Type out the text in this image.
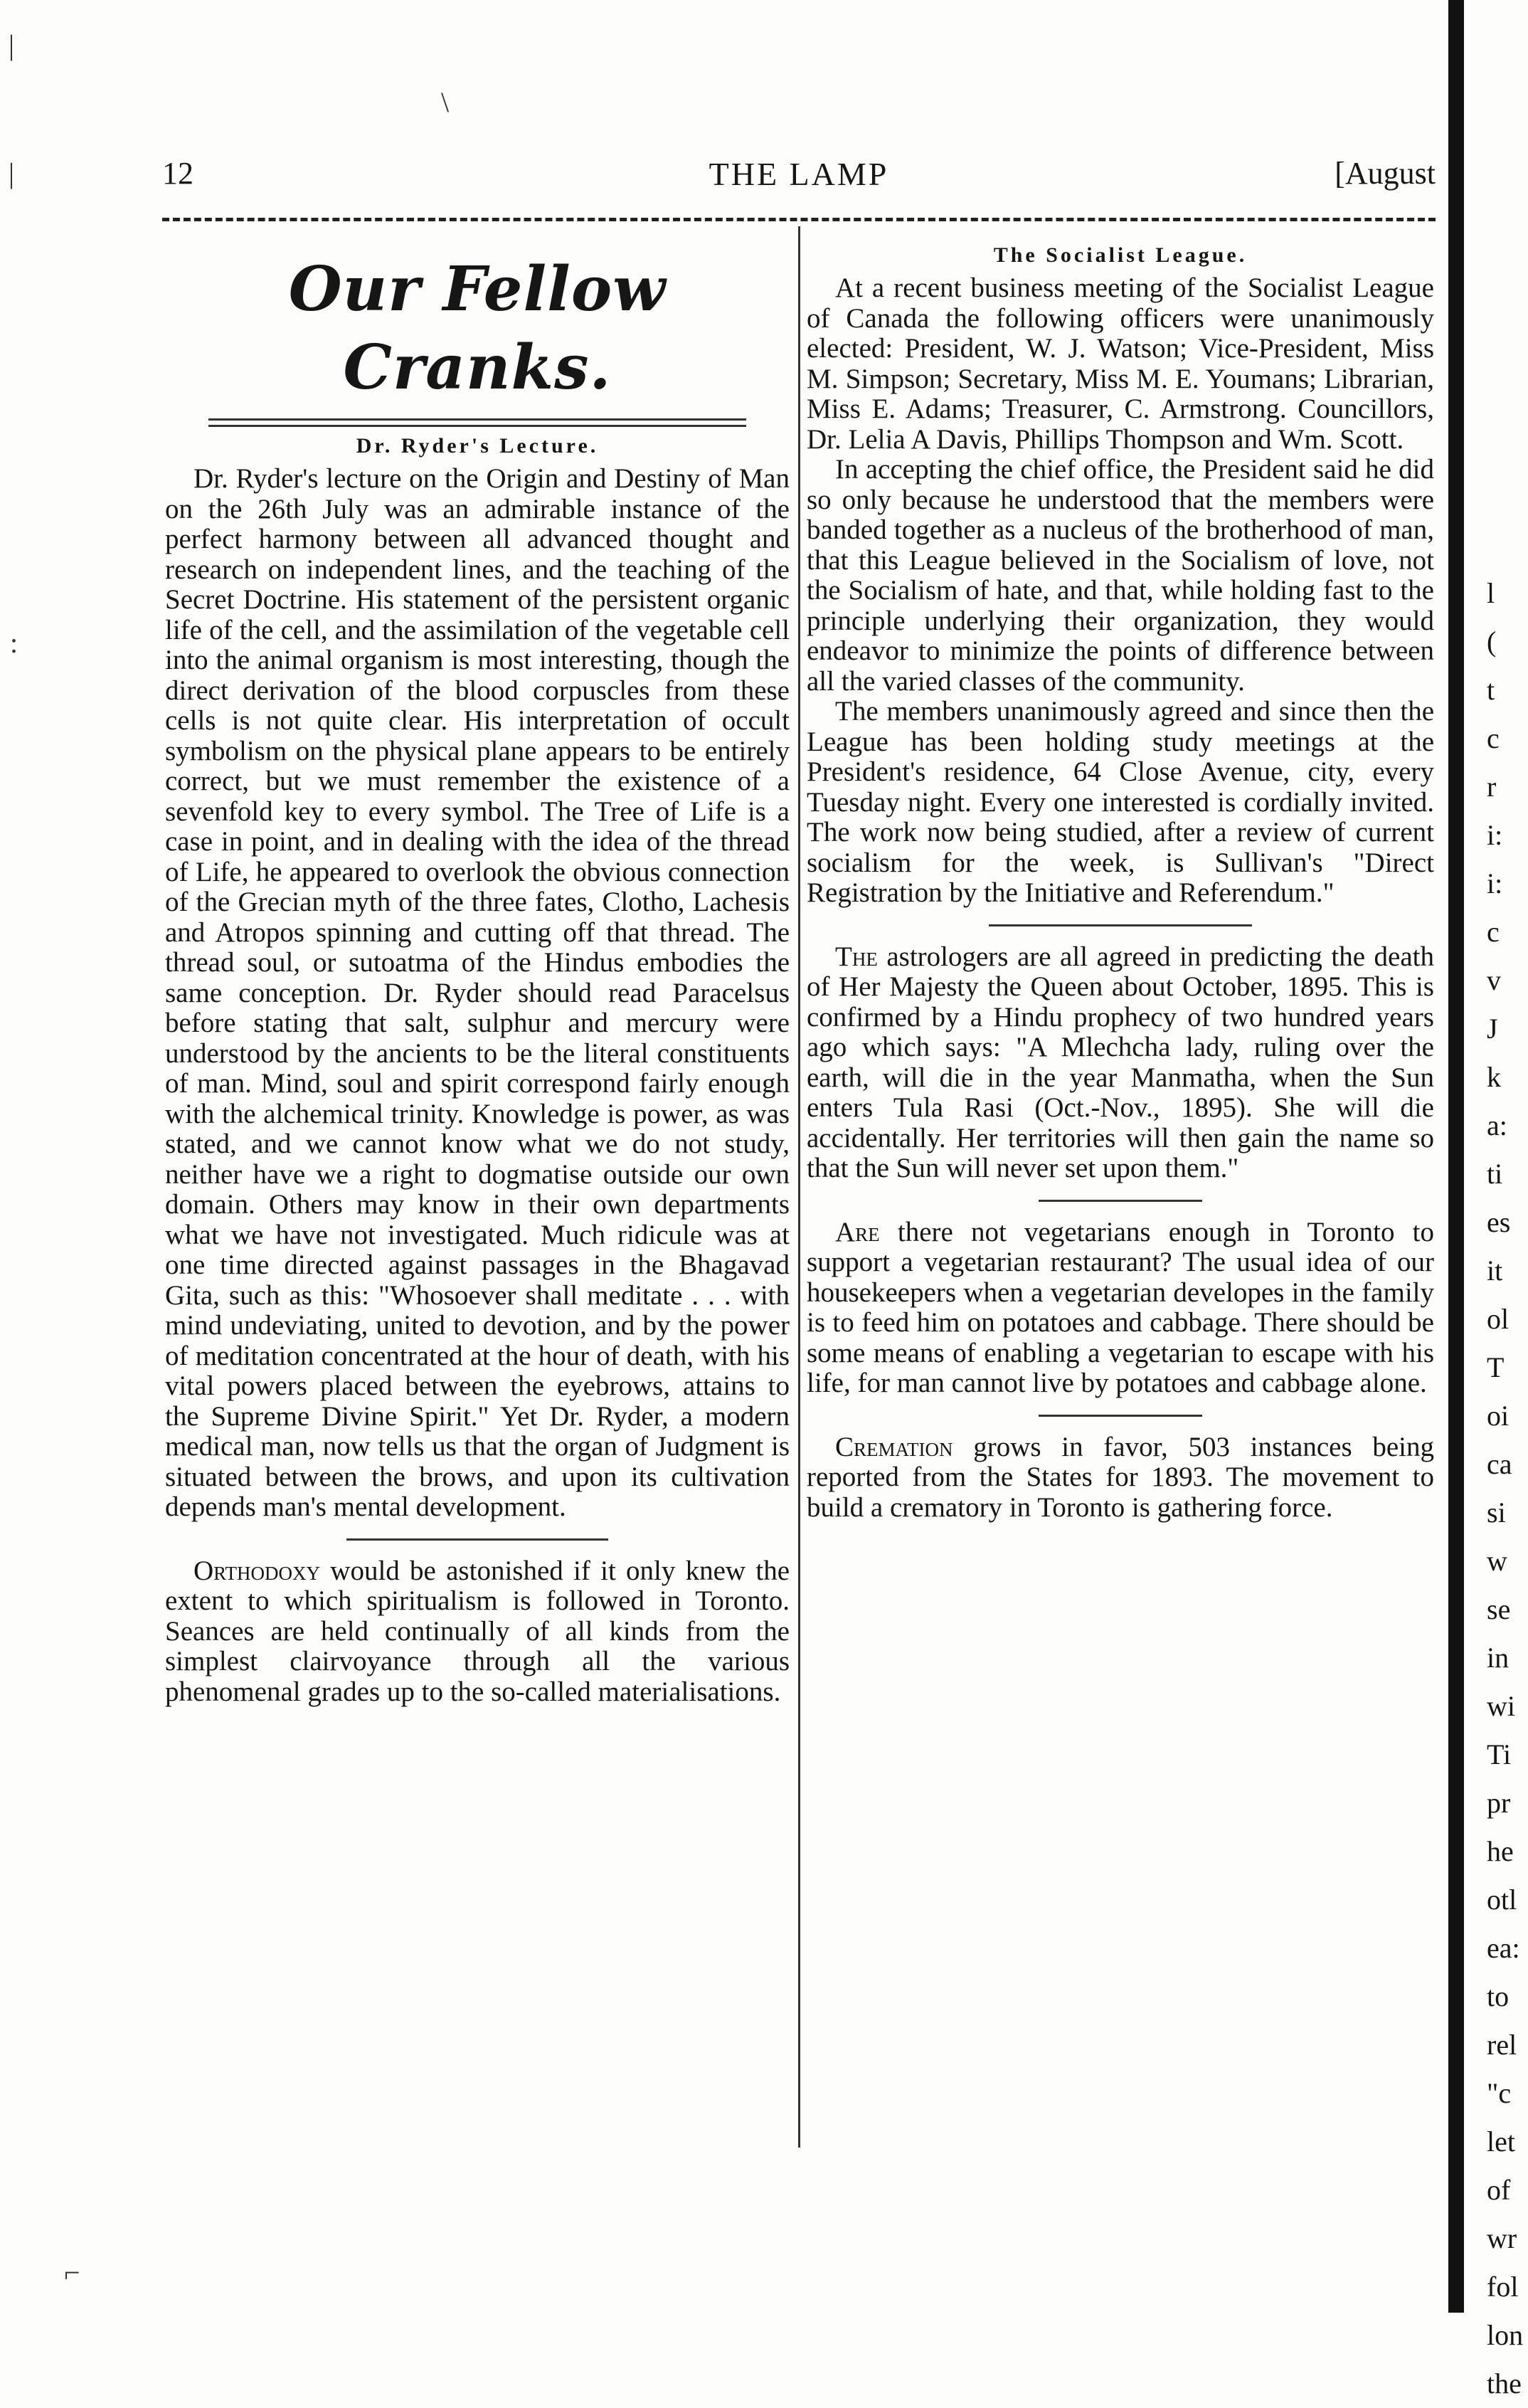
12	THE LAMP	[August
Our Fellow Cranks.
Dr. Ryder's Lecture.

Dr. Ryder's lecture on the Origin and Destiny of Man on the 26th July was an admirable instance of the perfect harmony between all advanced thought and research on independent lines, and the teaching of the Secret Doctrine. His statement of the persistent organic life of the cell, and the assimilation of the vegetable cell into the animal organism is most interesting, though the direct derivation of the blood corpuscles from these cells is not quite clear. His interpretation of occult symbolism on the physical plane appears to be entirely correct, but we must remember the existence of a sevenfold key to every symbol. The Tree of Life is a case in point, and in dealing with the idea of the thread of Life, he appeared to overlook the obvious connection of the Grecian myth of the three fates, Clotho, Lachesis and Atropos spinning and cutting off that thread. The thread soul, or sutoatma of the Hindus embodies the same conception. Dr. Ryder should read Paracelsus before stating that salt, sulphur and mercury were understood by the ancients to be the literal constituents of man. Mind, soul and spirit correspond fairly enough with the alchemical trinity. Knowledge is power, as was stated, and we cannot know what we do not study, neither have we a right to dogmatise outside our own domain. Others may know in their own departments what we have not investigated. Much ridicule was at one time directed against passages in the Bhagavad Gita, such as this: "Whosoever shall meditate . . . with mind undeviating, united to devotion, and by the power of meditation concentrated at the hour of death, with his vital powers placed between the eyebrows, attains to the Supreme Divine Spirit." Yet Dr. Ryder, a modern medical man, now tells us that the organ of Judgment is situated between the brows, and upon its cultivation depends man's mental development.

Orthodoxy would be astonished if it only knew the extent to which spiritualism is followed in Toronto. Seances are held continually of all kinds from the simplest clairvoyance through all the various phenomenal grades up to the so-called materialisations.

The Socialist League.

At a recent business meeting of the Socialist League of Canada the following officers were unanimously elected: President, W. J. Watson; Vice-President, Miss M. Simpson; Secretary, Miss M. E. Youmans; Librarian, Miss E. Adams; Treasurer, C. Armstrong. Councillors, Dr. Lelia A Davis, Phillips Thompson and Wm. Scott.

In accepting the chief office, the President said he did so only because he understood that the members were banded together as a nucleus of the brotherhood of man, that this League believed in the Socialism of love, not the Socialism of hate, and that, while holding fast to the principle underlying their organization, they would endeavor to minimize the points of difference between all the varied classes of the community.

The members unanimously agreed and since then the League has been holding study meetings at the President's residence, 64 Close Avenue, city, every Tuesday night. Every one interested is cordially invited. The work now being studied, after a review of current socialism for the week, is Sullivan's "Direct Registration by the Initiative and Referendum."

The astrologers are all agreed in predicting the death of Her Majesty the Queen about October, 1895. This is confirmed by a Hindu prophecy of two hundred years ago which says: "A Mlechcha lady, ruling over the earth, will die in the year Manmatha, when the Sun enters Tula Rasi (Oct.-Nov., 1895). She will die accidentally. Her territories will then gain the name so that the Sun will never set upon them."

Are there not vegetarians enough in Toronto to support a vegetarian restaurant? The usual idea of our housekeepers when a vegetarian developes in the family is to feed him on potatoes and cabbage. There should be some means of enabling a vegetarian to escape with his life, for man cannot live by potatoes and cabbage alone.

Cremation grows in favor, 503 instances being reported from the States for 1893. The movement to build a crematory in Toronto is gathering force.

l
(
t
c
r
i:
i:
c
v
J
k
a:
ti
es
it
ol
T
oi
ca
si
w
se
in
wi
Ti
pr
he
otl
ea:
to
rel
"c
let
of
wr
fol
lon
the
|
|
:
\
⌐
